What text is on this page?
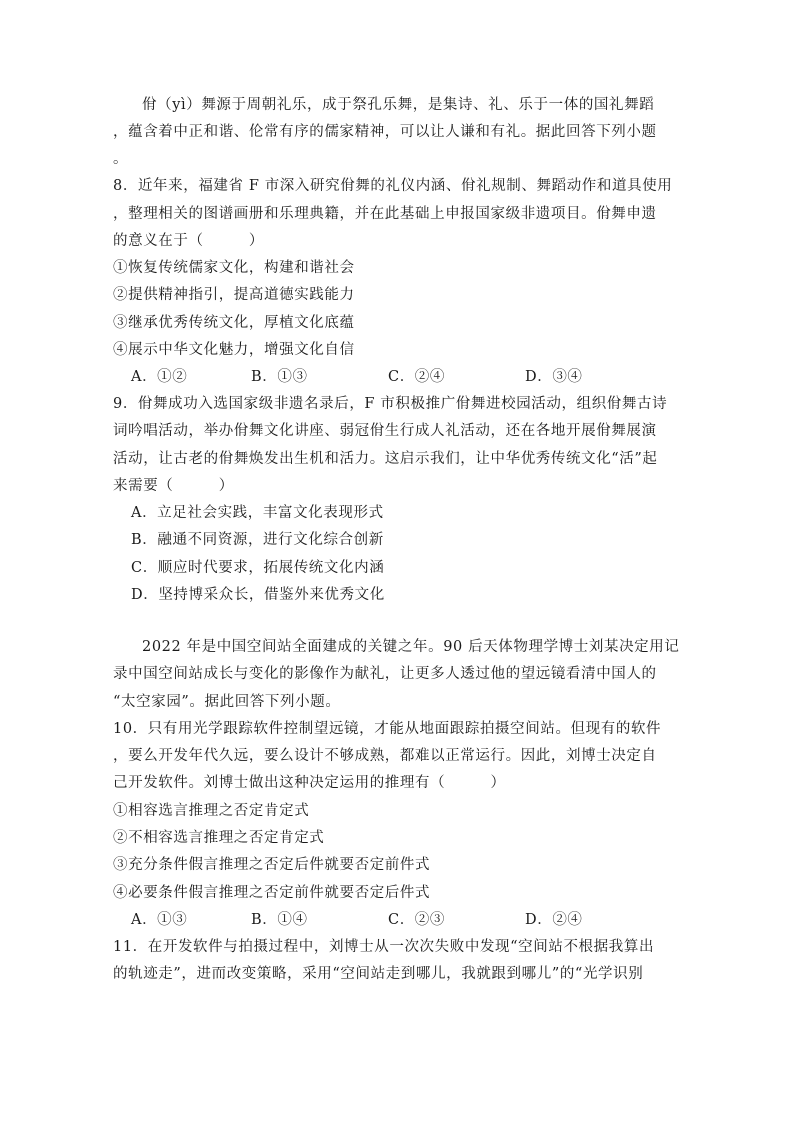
佾（yì）舞源于周朝礼乐，成于祭孔乐舞，是集诗、礼、乐于一体的国礼舞蹈
，蕴含着中正和谐、伦常有序的儒家精神，可以让人谦和有礼。据此回答下列小题
。
8．近年来，福建省 F 市深入研究佾舞的礼仪内涵、佾礼规制、舞蹈动作和道具使用
，整理相关的图谱画册和乐理典籍，并在此基础上申报国家级非遗项目。佾舞申遗
的意义在于（　　　）
①恢复传统儒家文化，构建和谐社会
②提供精神指引，提高道德实践能力
③继承优秀传统文化，厚植文化底蕴
④展示中华文化魅力，增强文化自信
A．①②	B．①③	C．②④	D．③④
9．佾舞成功入选国家级非遗名录后，F 市积极推广佾舞进校园活动，组织佾舞古诗
词吟唱活动，举办佾舞文化讲座、弱冠佾生行成人礼活动，还在各地开展佾舞展演
活动，让古老的佾舞焕发出生机和活力。这启示我们，让中华优秀传统文化“活”起
来需要（　　　）
A．立足社会实践，丰富文化表现形式
B．融通不同资源，进行文化综合创新
C．顺应时代要求，拓展传统文化内涵
D．坚持博采众长，借鉴外来优秀文化
2022 年是中国空间站全面建成的关键之年。90 后天体物理学博士刘某决定用记
录中国空间站成长与变化的影像作为献礼，让更多人透过他的望远镜看清中国人的
“太空家园”。据此回答下列小题。
10．只有用光学跟踪软件控制望远镜，才能从地面跟踪拍摄空间站。但现有的软件
，要么开发年代久远，要么设计不够成熟，都难以正常运行。因此，刘博士决定自
己开发软件。刘博士做出这种决定运用的推理有（　　　）
①相容选言推理之否定肯定式
②不相容选言推理之否定肯定式
③充分条件假言推理之否定后件就要否定前件式
④必要条件假言推理之否定前件就要否定后件式
A．①③	B．①④	C．②③	D．②④
11．在开发软件与拍摄过程中，刘博士从一次次失败中发现“空间站不根据我算出
的轨迹走”，进而改变策略，采用“空间站走到哪儿，我就跟到哪儿”的“光学识别
